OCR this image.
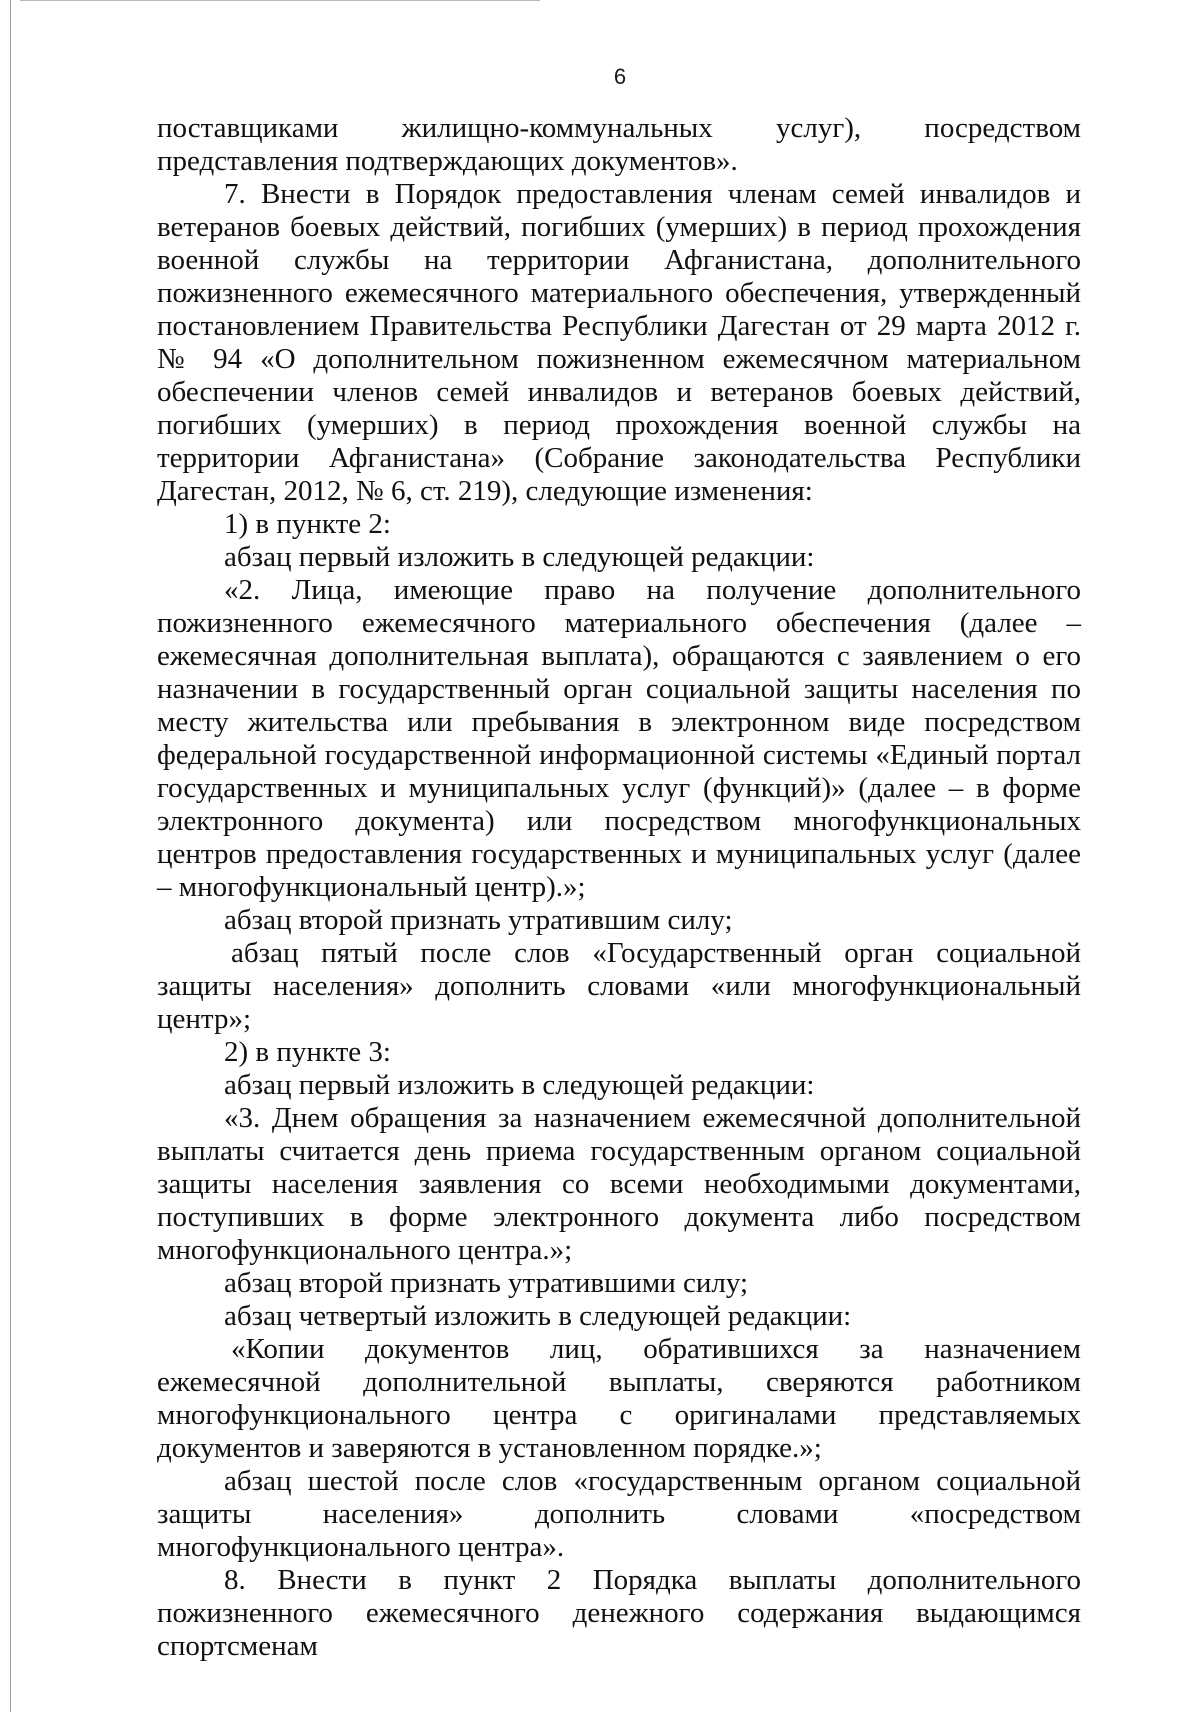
6

поставщиками жилищно-коммунальных услуг), посредством представления подтверждающих документов».

7. Внести в Порядок предоставления членам семей инвалидов и ветеранов боевых действий, погибших (умерших) в период прохождения военной службы на территории Афганистана, дополнительного пожизненного ежемесячного материального обеспечения, утвержденный постановлением Правительства Республики Дагестан от 29 марта 2012 г. № 94 «О дополнительном пожизненном ежемесячном материальном обеспечении членов семей инвалидов и ветеранов боевых действий, погибших (умерших) в период прохождения военной службы на территории Афганистана» (Собрание законодательства Республики Дагестан, 2012, № 6, ст. 219), следующие изменения:

1) в пункте 2:

абзац первый изложить в следующей редакции:

«2. Лица, имеющие право на получение дополнительного пожизненного ежемесячного материального обеспечения (далее – ежемесячная дополнительная выплата), обращаются с заявлением о его назначении в государственный орган социальной защиты населения по месту жительства или пребывания в электронном виде посредством федеральной государственной информационной системы «Единый портал государственных и муниципальных услуг (функций)» (далее – в форме электронного документа) или посредством многофункциональных центров предоставления государственных и муниципальных услуг (далее – многофункциональный центр).»;

абзац второй признать утратившим силу;

абзац пятый после слов «Государственный орган социальной защиты населения» дополнить словами «или многофункциональный центр»;

2) в пункте 3:

абзац первый изложить в следующей редакции:

«3. Днем обращения за назначением ежемесячной дополнительной выплаты считается день приема государственным органом социальной защиты населения заявления со всеми необходимыми документами, поступивших в форме электронного документа либо посредством многофункционального центра.»;

абзац второй признать утратившими силу;

абзац четвертый изложить в следующей редакции:

«Копии документов лиц, обратившихся за назначением ежемесячной дополнительной выплаты, сверяются работником многофункционального центра с оригиналами представляемых документов и заверяются в установленном порядке.»;

абзац шестой после слов «государственным органом социальной защиты населения» дополнить словами «посредством многофункционального центра».

8. Внести в пункт 2 Порядка выплаты дополнительного пожизненного ежемесячного денежного содержания выдающимся спортсменам
